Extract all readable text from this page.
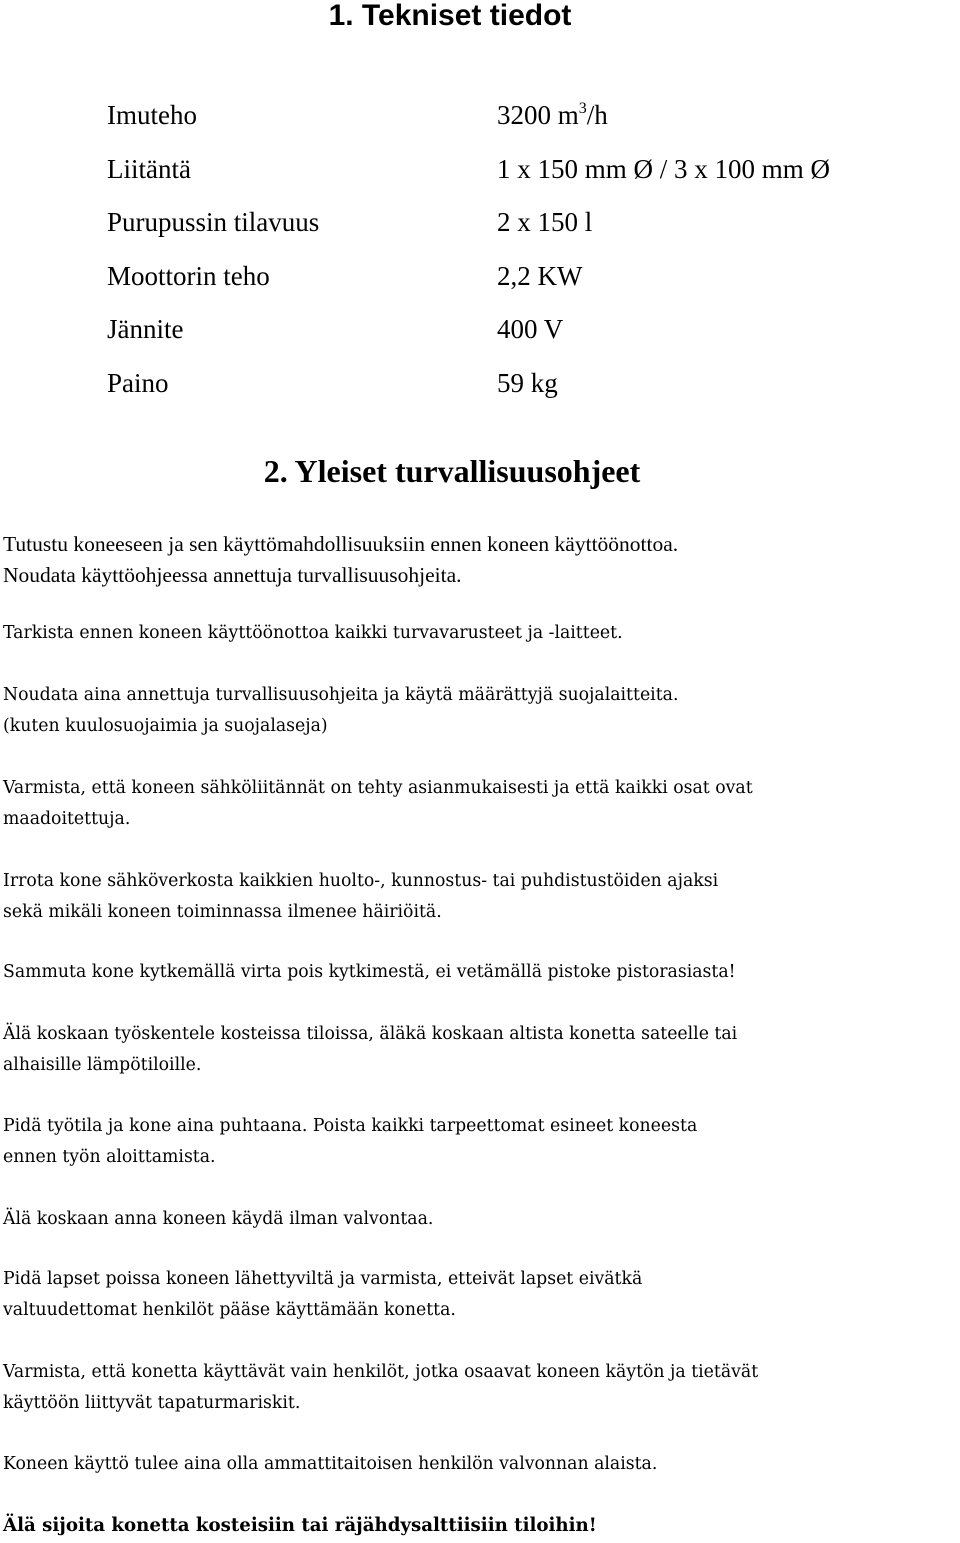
1. Tekniset tiedot
Imuteho	3200 $m^3/h$
Liitäntä	1 x 150 mm Ø / 3 x 100 mm Ø
Purupussin tilavuus	2 x 150 l
Moottorin teho	2,2 KW
Jännite	400 V
Paino	59 kg
2. Yleiset turvallisuusohjeet

Tutustu koneeseen ja sen käyttömahdollisuuksiin ennen koneen käyttöönottoa.
Noudata käyttöohjeessa annettuja turvallisuusohjeita.

Tarkista ennen koneen käyttöönottoa kaikki turvavarusteet ja -laitteet.

Noudata aina annettuja turvallisuusohjeita ja käytä määrättyjä suojalaitteita.
(kuten kuulosuojaimia ja suojalaseja)

Varmista, että koneen sähköliitännät on tehty asianmukaisesti ja että kaikki osat ovat
maadoitettuja.

Irrota kone sähköverkosta kaikkien huolto-, kunnostus- tai puhdistustöiden ajaksi
sekä mikäli koneen toiminnassa ilmenee häiriöitä.

Sammuta kone kytkemällä virta pois kytkimestä, ei vetämällä pistoke pistorasiasta!

Älä koskaan työskentele kosteissa tiloissa, äläkä koskaan altista konetta sateelle tai
alhaisille lämpötiloille.

Pidä työtila ja kone aina puhtaana. Poista kaikki tarpeettomat esineet koneesta
ennen työn aloittamista.

Älä koskaan anna koneen käydä ilman valvontaa.

Pidä lapset poissa koneen lähettyviltä ja varmista, etteivät lapset eivätkä
valtuudettomat henkilöt pääse käyttämään konetta.

Varmista, että konetta käyttävät vain henkilöt, jotka osaavat koneen käytön ja tietävät
käyttöön liittyvät tapaturmariskit.

Koneen käyttö tulee aina olla ammattitaitoisen henkilön valvonnan alaista.

Älä sijoita konetta kosteisiin tai räjähdysalttiisiin tiloihin!
